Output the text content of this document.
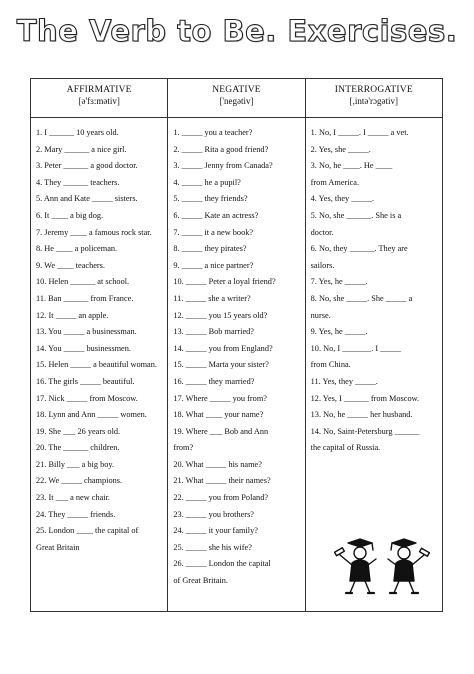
The Verb to Be. Exercises.
AFFIRMATIVE
[ə'fɜ:mətiv]
NEGATIVE
['negətiv]
INTERROGATIVE
[,intə'rɔgətiv]
1. I ______ 10 years old.
2. Mary ______ a nice girl.
3. Peter ______ a good doctor.
4. They ______ teachers.
5. Ann and Kate _____ sisters.
6. It ____ a big dog.
7. Jeremy ____ a famous rock star.
8. He ____ a policeman.
9. We ____ teachers.
10. Helen ______ at school.
11. Ban ______ from France.
12. It _____ an apple.
13. You _____ a businessman.
14. You _____ businessmen.
15. Helen _____ a beautiful woman.
16. The girls _____ beautiful.
17. Nick _____ from Moscow.
18. Lynn and Ann _____ women.
19. She ___ 26 years old.
20. The ______ children.
21. Billy ___ a big boy.
22. We _____ champions.
23. It ___ a new chair.
24. They _____ friends.
25. London ____ the capital of
Great Britain
1. _____ you a teacher?
2. _____ Rita a good friend?
3. _____ Jenny from Canada?
4. _____ he a pupil?
5. _____ they friends?
6. _____ Kate an actress?
7. _____ it a new book?
8. _____ they pirates?
9. _____ a nice partner?
10. _____ Peter a loyal friend?
11. _____ she a writer?
12. _____ you 15 years old?
13. _____ Bob married?
14. _____ you from England?
15. _____ Marta your sister?
16. _____ they married?
17. Where _____ you from?
18. What ____ your name?
19. Where ___ Bob and Ann
from?
20. What _____ his name?
21. What _____ their names?
22. _____ you from Poland?
23. _____ you brothers?
24. _____ it your family?
25. _____ she his wife?
26. _____ London the capital
of Great Britain.
1. No, I _____. I _____ a vet.
2. Yes, she _____.
3. No, he ____. He ____
from America.
4. Yes, they _____.
5. No, she ______. She is a
doctor.
6. No, they ______. They are
sailors.
7. Yes, he _____.
8. No, she _____. She _____ a
nurse.
9. Yes, he _____.
10. No, I _______. I _____
from China.
11. Yes, they _____.
12. Yes, I ______ from Moscow.
13. No, he _____ her husband.
14. No, Saint-Petersburg ______
the capital of Russia.
